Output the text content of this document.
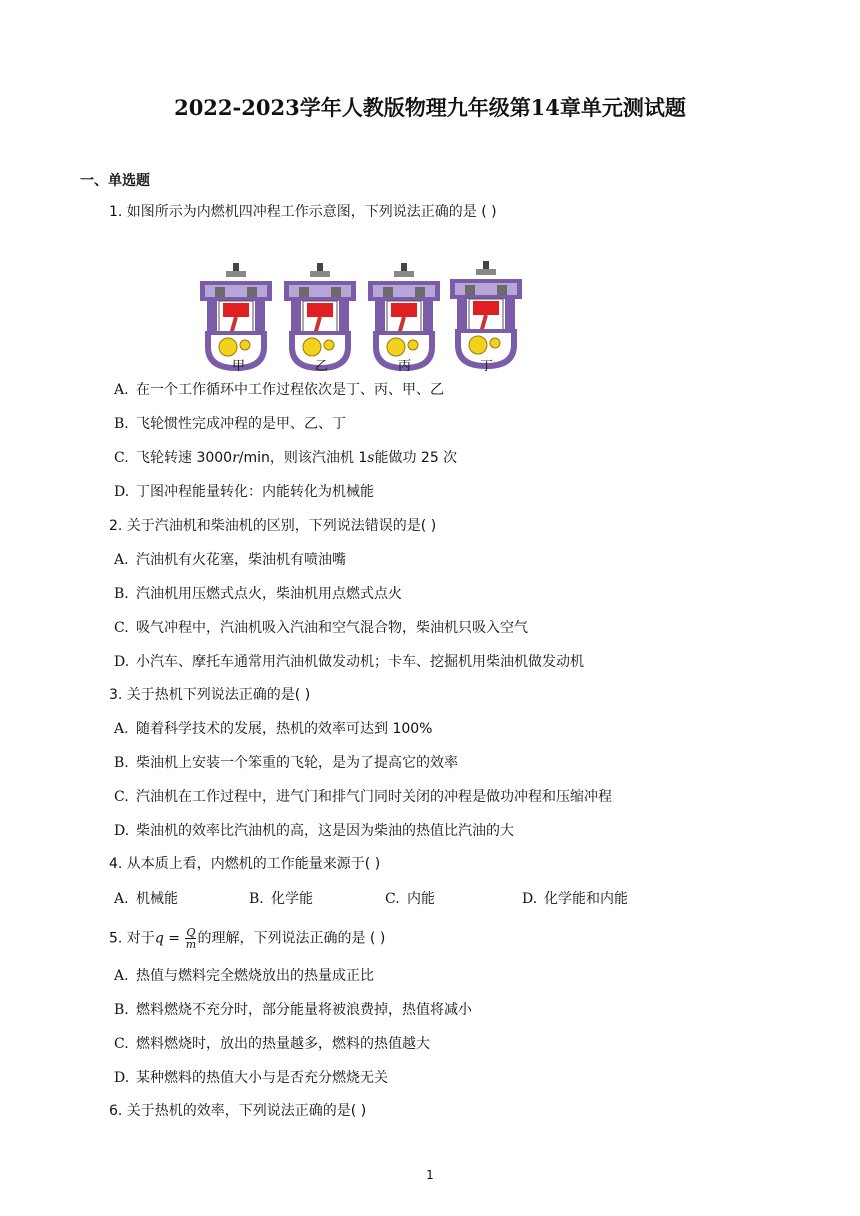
2022-2023学年人教版物理九年级第14章单元测试题
一、单选题
1. 如图所示为内燃机四冲程工作示意图，下列说法正确的是 ( )
甲	乙	丙	丁
A. 在一个工作循环中工作过程依次是丁、丙、甲、乙
B. 飞轮惯性完成冲程的是甲、乙、丁
C. 飞轮转速 3000r/min，则该汽油机 1s能做功 25 次
D. 丁图冲程能量转化：内能转化为机械能
2. 关于汽油机和柴油机的区别，下列说法错误的是( )
A. 汽油机有火花塞，柴油机有喷油嘴
B. 汽油机用压燃式点火，柴油机用点燃式点火
C. 吸气冲程中，汽油机吸入汽油和空气混合物，柴油机只吸入空气
D. 小汽车、摩托车通常用汽油机做发动机；卡车、挖掘机用柴油机做发动机
3. 关于热机下列说法正确的是( )
A. 随着科学技术的发展，热机的效率可达到 100%
B. 柴油机上安装一个笨重的飞轮，是为了提高它的效率
C. 汽油机在工作过程中，进气门和排气门同时关闭的冲程是做功冲程和压缩冲程
D. 柴油机的效率比汽油机的高，这是因为柴油的热值比汽油的大
4. 从本质上看，内燃机的工作能量来源于( )
A. 机械能	B. 化学能	C. 内能	D. 化学能和内能
5. 对于$q = \frac{Q}{m}$ 的理解，下列说法正确的是 ( )
A. 热值与燃料完全燃烧放出的热量成正比
B. 燃料燃烧不充分时，部分能量将被浪费掉，热值将减小
C. 燃料燃烧时，放出的热量越多，燃料的热值越大
D. 某种燃料的热值大小与是否充分燃烧无关
6. 关于热机的效率，下列说法正确的是( )
1
